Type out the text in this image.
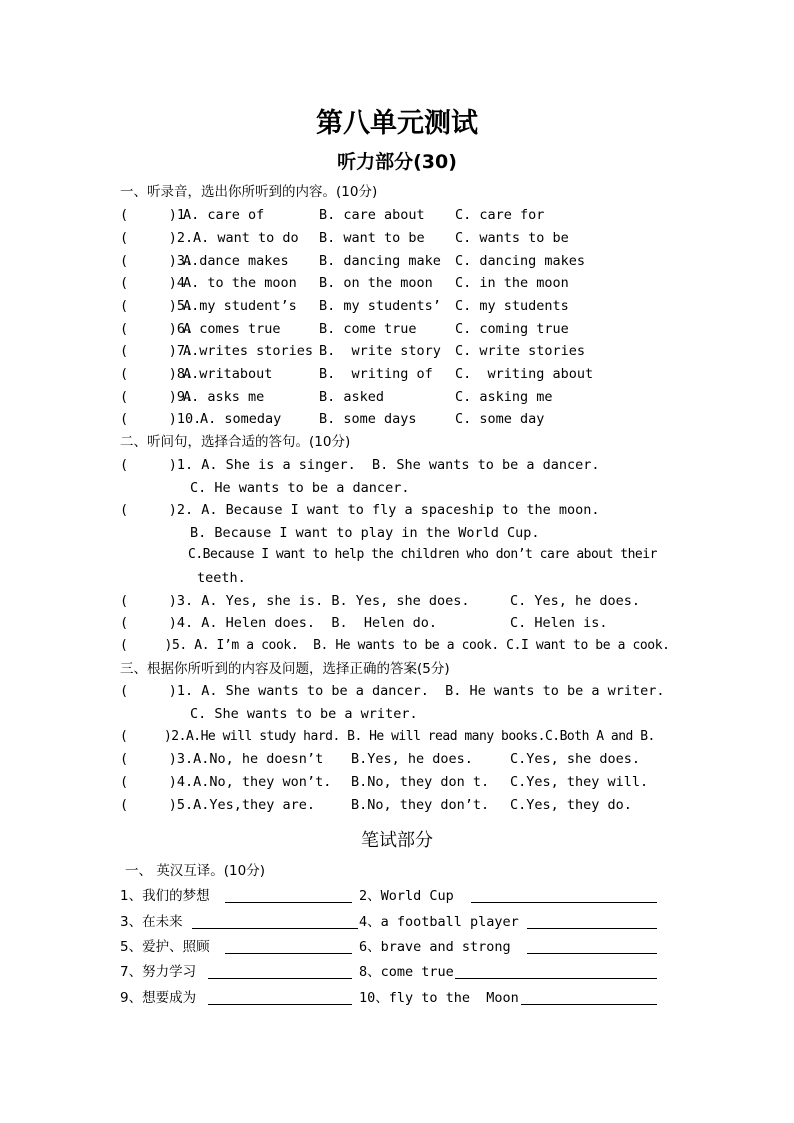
第八单元测试
听力部分(30)
一、听录音，选出你所听到的内容。(10分)
(     )1
A. care of	B. care about C. care for
(     )2. A. want to do B. want to be C. wants to be
(     )3.
A.dance makes B. dancing make C. dancing makes
(     )4
A. to the moon B. on the moon C. in the moon
(     )5.
A.my student’s B. my students’ C. my students
(     )6.
A comes true	B. come true	C. coming true
(     )7.
A.writes stories B.  write story C. write stories
(     )8.
A.writabout	B.  writing of C.  writing about
(     )9.
A. asks me	B. asked	C. asking me
(     )10.
A. someday	B. some days	C. some day
二、听问句，选择合适的答句。(10分)
(     )1. A. She is a singer.  B. She wants to be a dancer.
C. He wants to be a dancer.
(     )2. A. Because I want to fly a spaceship to the moon.
B. Because I want to play in the World Cup.
C.Because I want to help the children who don’t care about their
teeth.
(     )3. A. Yes, she is. B. Yes, she does.	C. Yes, he does.
(     )4. A. Helen does.  B.  Helen do.	C. Helen is.
(     )5. A. I’m a cook.  B. He wants to be a cook. C.I want to be a cook.
三、根据你所听到的内容及问题，选择正确的答案(5分)
(     )1. A. She wants to be a dancer.  B. He wants to be a writer.
C. She wants to be a writer.
(     )2.A.He will study hard. B. He will read many books.C.Both A and B.
(     )3.A.No, he doesn’t B.Yes, he does.	C.Yes, she does.
(     )4.A.No, they won’t. B.No, they don t. C.Yes, they will.
(     )5.A.Yes,they are.	B.No, they don’t. C.Yes, they do.
笔试部分
一、 英汉互译。(10分)
1、我们的梦想	2、World Cup
3、在未来	4、a football player
5、爱护、照顾	6、brave and strong
7、努力学习	8、come true
9、想要成为	10、fly to the  Moon
